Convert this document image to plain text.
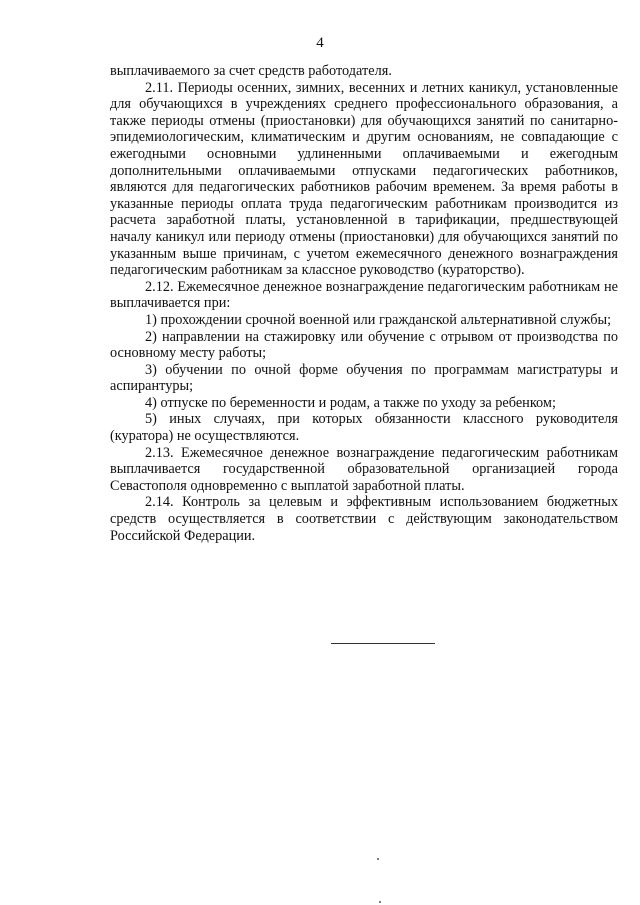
4

выплачиваемого за счет средств работодателя.

2.11. Периоды осенних, зимних, весенних и летних каникул, установленные для обучающихся в учреждениях среднего профессионального образования, а также периоды отмены (приостановки) для обучающихся занятий по санитарно-эпидемиологическим, климатическим и другим основаниям, не совпадающие с ежегодными основными удлиненными оплачиваемыми и ежегодным дополнительными оплачиваемыми отпусками педагогических работников, являются для педагогических работников рабочим временем. За время работы в указанные периоды оплата труда педагогическим работникам производится из расчета заработной платы, установленной в тарификации, предшествующей началу каникул или периоду отмены (приостановки) для обучающихся занятий по указанным выше причинам, с учетом ежемесячного денежного вознаграждения педагогическим работникам за классное руководство (кураторство).

2.12. Ежемесячное денежное вознаграждение педагогическим работникам не выплачивается при:

1) прохождении срочной военной или гражданской альтернативной службы;

2) направлении на стажировку или обучение с отрывом от производства по основному месту работы;

3) обучении по очной форме обучения по программам магистратуры и аспирантуры;

4) отпуске по беременности и родам, а также по уходу за ребенком;

5) иных случаях, при которых обязанности классного руководителя (куратора) не осуществляются.

2.13. Ежемесячное денежное вознаграждение педагогическим работникам выплачивается государственной образовательной организацией города Севастополя одновременно с выплатой заработной платы.

2.14. Контроль за целевым и эффективным использованием бюджетных средств осуществляется в соответствии с действующим законодательством Российской Федерации.
